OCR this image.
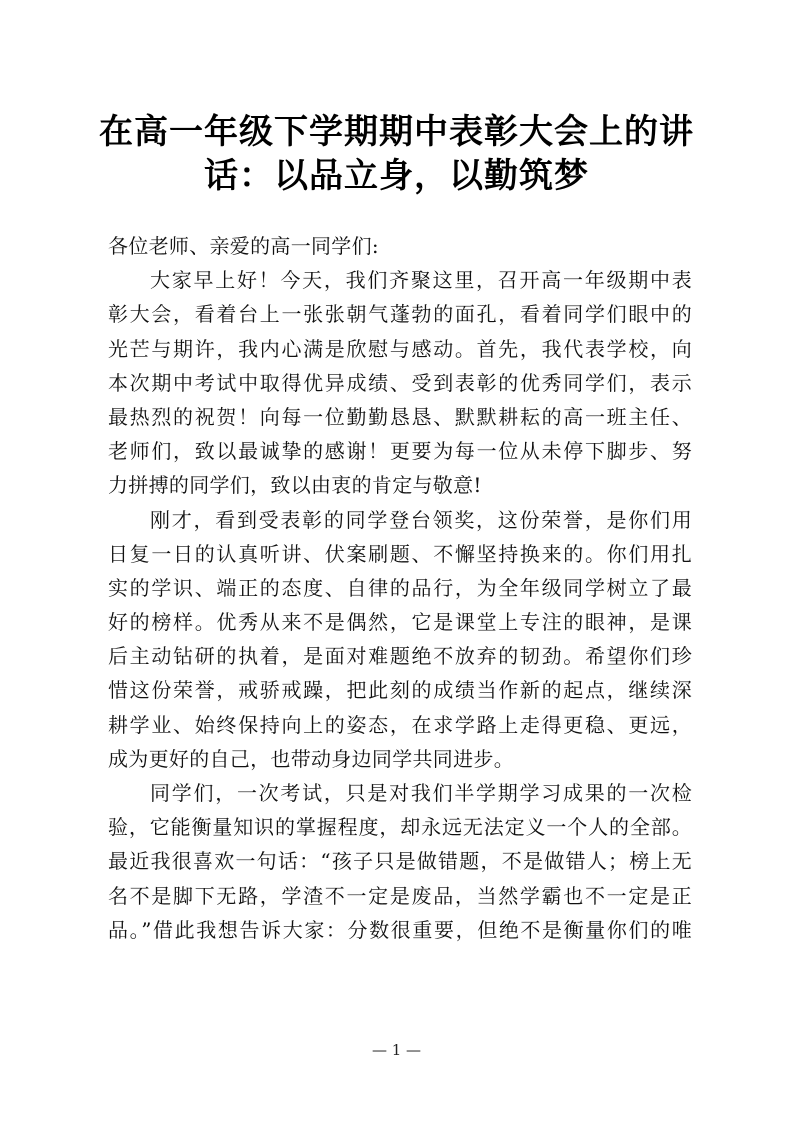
在高一年级下学期期中表彰大会上的讲
话：以品立身，以勤筑梦
各位老师、亲爱的高一同学们:
大家早上好！今天，我们齐聚这里，召开高一年级期中表
彰大会，看着台上一张张朝气蓬勃的面孔，看着同学们眼中的
光芒与期许，我内心满是欣慰与感动。首先，我代表学校，向
本次期中考试中取得优异成绩、受到表彰的优秀同学们，表示
最热烈的祝贺！向每一位勤勤恳恳、默默耕耘的高一班主任、
老师们，致以最诚挚的感谢！更要为每一位从未停下脚步、努
力拼搏的同学们，致以由衷的肯定与敬意!
刚才，看到受表彰的同学登台领奖，这份荣誉，是你们用
日复一日的认真听讲、伏案刷题、不懈坚持换来的。你们用扎
实的学识、端正的态度、自律的品行，为全年级同学树立了最
好的榜样。优秀从来不是偶然，它是课堂上专注的眼神，是课
后主动钻研的执着，是面对难题绝不放弃的韧劲。希望你们珍
惜这份荣誉，戒骄戒躁，把此刻的成绩当作新的起点，继续深
耕学业、始终保持向上的姿态，在求学路上走得更稳、更远，
成为更好的自己，也带动身边同学共同进步。
同学们，一次考试，只是对我们半学期学习成果的一次检
验，它能衡量知识的掌握程度，却永远无法定义一个人的全部。
最近我很喜欢一句话：“孩子只是做错题，不是做错人；榜上无
名不是脚下无路，学渣不一定是废品，当然学霸也不一定是正
品。”借此我想告诉大家：分数很重要，但绝不是衡量你们的唯
— 1 —
